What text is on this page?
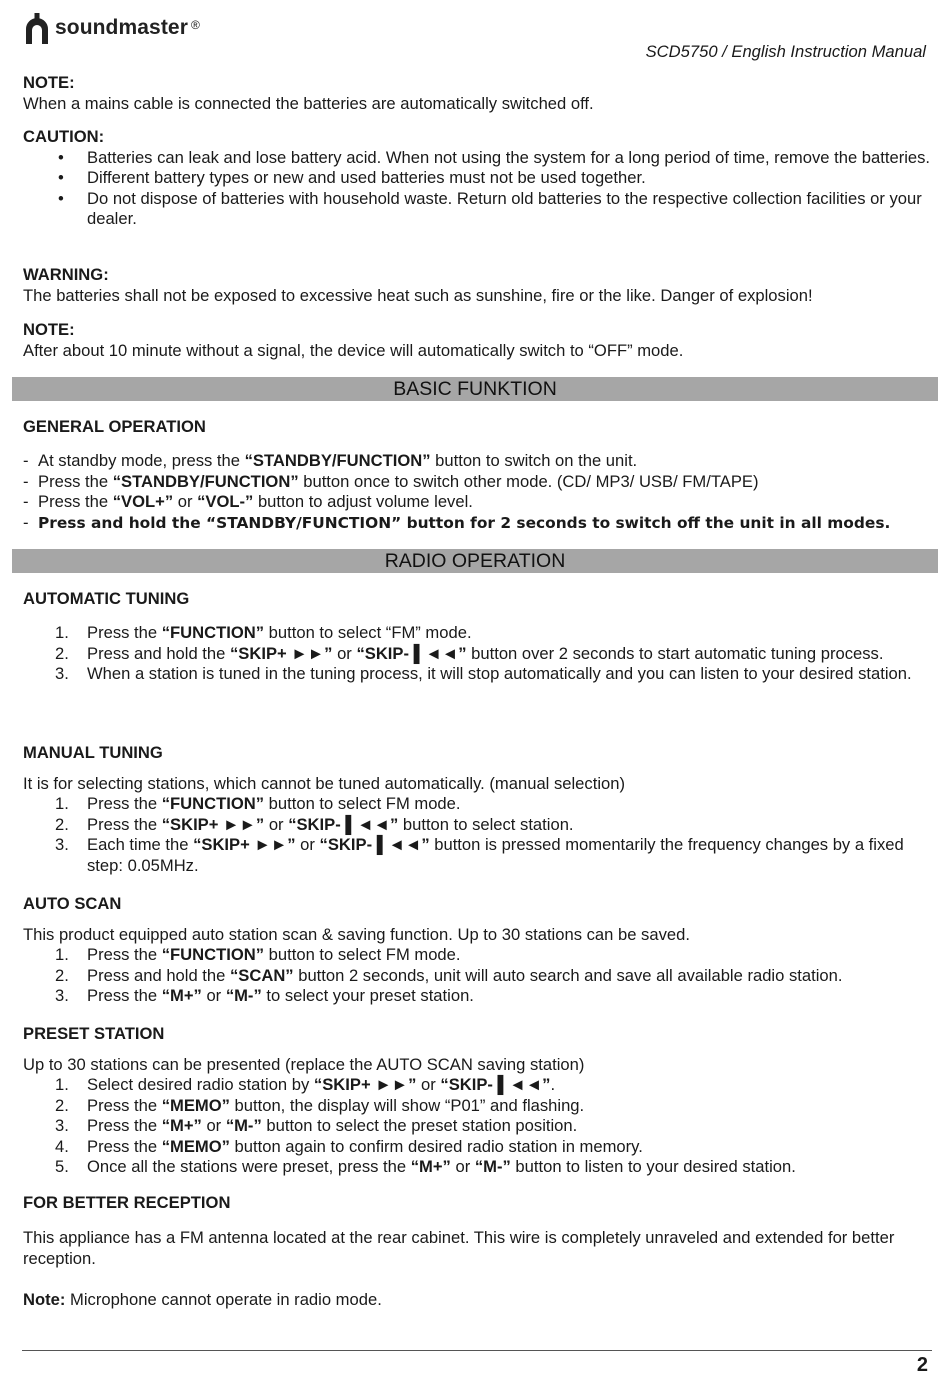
soundmaster ®
SCD5750 / English Instruction Manual
NOTE:
When a mains cable is connected the batteries are automatically switched off.
CAUTION:
• Batteries can leak and lose battery acid. When not using the system for a long period of time, remove the batteries.
• Different battery types or new and used batteries must not be used together.
• Do not dispose of batteries with household waste. Return old batteries to the respective collection facilities or your dealer.
WARNING:
The batteries shall not be exposed to excessive heat such as sunshine, fire or the like. Danger of explosion!
NOTE:
After about 10 minute without a signal, the device will automatically switch to “OFF” mode.
BASIC FUNKTION
GENERAL OPERATION
- At standby mode, press the “STANDBY/FUNCTION” button to switch on the unit.
- Press the “STANDBY/FUNCTION” button once to switch other mode. (CD/ MP3/ USB/ FM/TAPE)
- Press the “VOL+” or “VOL-” button to adjust volume level.
- Press and hold the “STANDBY/FUNCTION” button for 2 seconds to switch off the unit in all modes.
RADIO OPERATION
AUTOMATIC TUNING
1. Press the “FUNCTION” button to select “FM” mode.
2. Press and hold the “SKIP+ ►►” or “SKIP- ▌◄◄” button over 2 seconds to start automatic tuning process.
3. When a station is tuned in the tuning process, it will stop automatically and you can listen to your desired station.
MANUAL TUNING
It is for selecting stations, which cannot be tuned automatically. (manual selection)
1. Press the “FUNCTION” button to select FM mode.
2. Press the “SKIP+ ►►” or “SKIP- ▌◄◄” button to select station.
3. Each time the “SKIP+ ►►” or “SKIP- ▌◄◄” button is pressed momentarily the frequency changes by a fixed step: 0.05MHz.
AUTO SCAN
This product equipped auto station scan & saving function. Up to 30 stations can be saved.
1. Press the “FUNCTION” button to select FM mode.
2. Press and hold the “SCAN” button 2 seconds, unit will auto search and save all available radio station.
3. Press the “M+” or “M-” to select your preset station.
PRESET STATION
Up to 30 stations can be presented (replace the AUTO SCAN saving station)
1. Select desired radio station by “SKIP+ ►►” or “SKIP- ▌◄◄”.
2. Press the “MEMO” button, the display will show “P01” and flashing.
3. Press the “M+” or “M-” button to select the preset station position.
4. Press the “MEMO” button again to confirm desired radio station in memory.
5. Once all the stations were preset, press the “M+” or “M-” button to listen to your desired station.
FOR BETTER RECEPTION
This appliance has a FM antenna located at the rear cabinet. This wire is completely unraveled and extended for better reception.
Note: Microphone cannot operate in radio mode.
2
